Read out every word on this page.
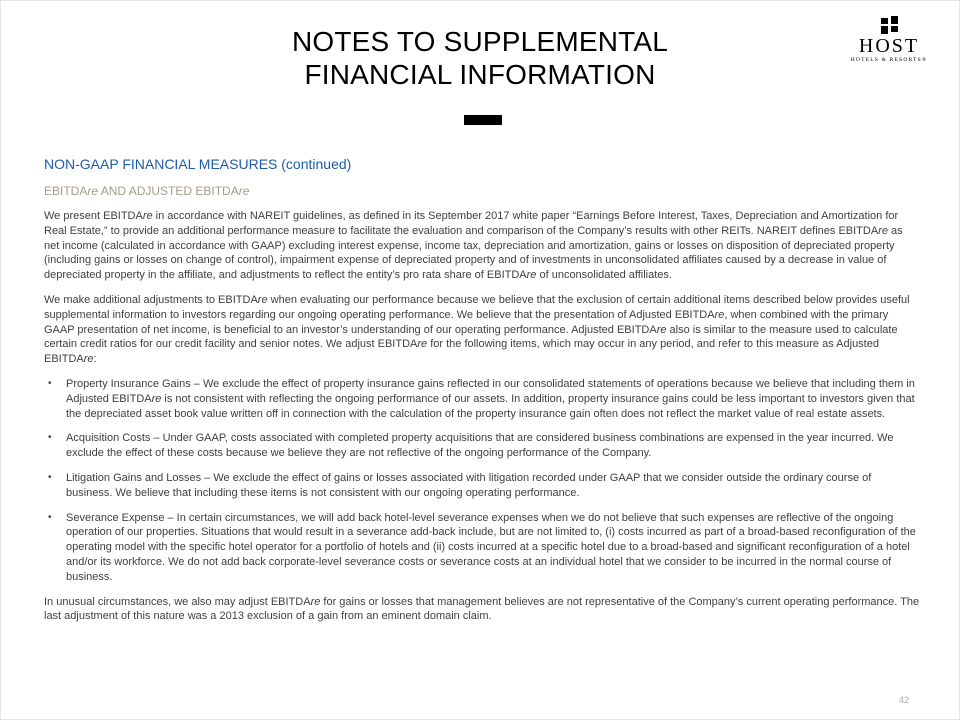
NOTES TO SUPPLEMENTAL
FINANCIAL INFORMATION
HOST
HOTELS & RESORTS®
NON-GAAP FINANCIAL MEASURES (continued)
EBITDAre AND ADJUSTED EBITDAre

We present EBITDAre in accordance with NAREIT guidelines, as defined in its September 2017 white paper “Earnings Before Interest, Taxes, Depreciation and Amortization for Real Estate,” to provide an additional performance measure to facilitate the evaluation and comparison of the Company’s results with other REITs. NAREIT defines EBITDAre as net income (calculated in accordance with GAAP) excluding interest expense, income tax, depreciation and amortization, gains or losses on disposition of depreciated property (including gains or losses on change of control), impairment expense of depreciated property and of investments in unconsolidated affiliates caused by a decrease in value of depreciated property in the affiliate, and adjustments to reflect the entity’s pro rata share of EBITDAre of unconsolidated affiliates.

We make additional adjustments to EBITDAre when evaluating our performance because we believe that the exclusion of certain additional items described below provides useful supplemental information to investors regarding our ongoing operating performance. We believe that the presentation of Adjusted EBITDAre, when combined with the primary GAAP presentation of net income, is beneficial to an investor’s understanding of our operating performance. Adjusted EBITDAre also is similar to the measure used to calculate certain credit ratios for our credit facility and senior notes. We adjust EBITDAre for the following items, which may occur in any period, and refer to this measure as Adjusted EBITDAre:

•	Property Insurance Gains – We exclude the effect of property insurance gains reflected in our consolidated statements of operations because we believe that including them in Adjusted EBITDAre is not consistent with reflecting the ongoing performance of our assets. In addition, property insurance gains could be less important to investors given that the depreciated asset book value written off in connection with the calculation of the property insurance gain often does not reflect the market value of real estate assets.
•	Acquisition Costs – Under GAAP, costs associated with completed property acquisitions that are considered business combinations are expensed in the year incurred. We exclude the effect of these costs because we believe they are not reflective of the ongoing performance of the Company.
•	Litigation Gains and Losses – We exclude the effect of gains or losses associated with litigation recorded under GAAP that we consider outside the ordinary course of business. We believe that including these items is not consistent with our ongoing operating performance.
•	Severance Expense – In certain circumstances, we will add back hotel-level severance expenses when we do not believe that such expenses are reflective of the ongoing operation of our properties. Situations that would result in a severance add-back include, but are not limited to, (i) costs incurred as part of a broad-based reconfiguration of the operating model with the specific hotel operator for a portfolio of hotels and (ii) costs incurred at a specific hotel due to a broad-based and significant reconfiguration of a hotel and/or its workforce. We do not add back corporate-level severance costs or severance costs at an individual hotel that we consider to be incurred in the normal course of business.

In unusual circumstances, we also may adjust EBITDAre for gains or losses that management believes are not representative of the Company’s current operating performance. The last adjustment of this nature was a 2013 exclusion of a gain from an eminent domain claim.

42
